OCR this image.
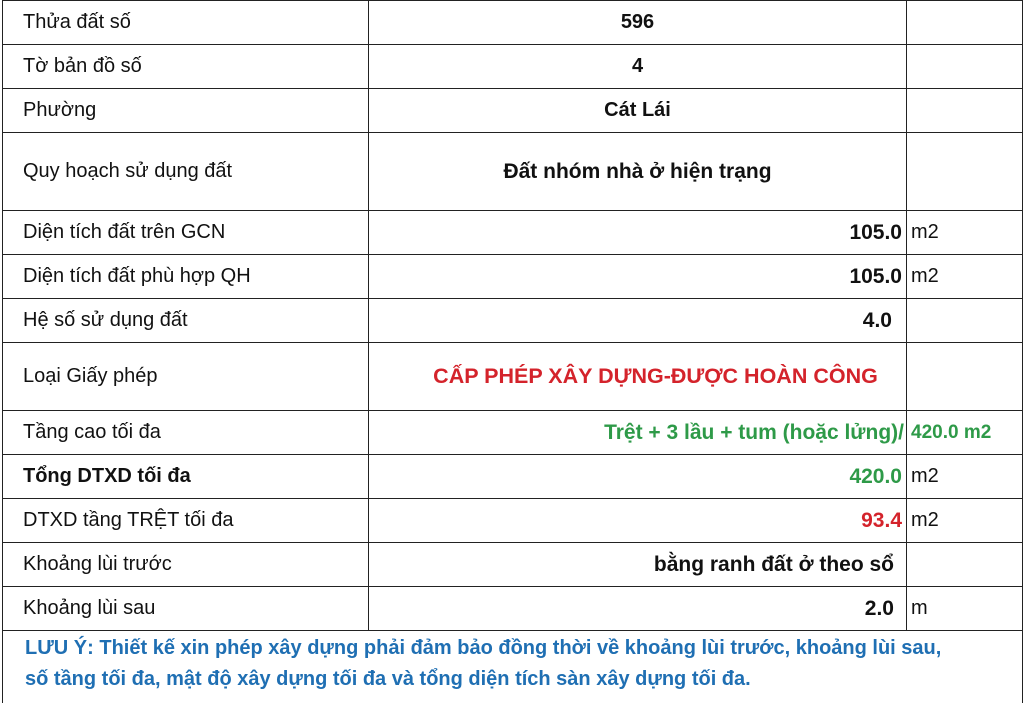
Thửa đất số	596	
Tờ bản đồ số	4	
Phường	Cát Lái	
Quy hoạch sử dụng đất	Đất nhóm nhà ở hiện trạng	
Diện tích đất trên GCN	105.0	m2
Diện tích đất phù hợp QH	105.0	m2
Hệ số sử dụng đất	4.0	
Loại Giấy phép	CẤP PHÉP XÂY DỰNG-ĐƯỢC HOÀN CÔNG	
Tầng cao tối đa	Trệt + 3 lầu + tum (hoặc lửng)/	420.0 m2
Tổng DTXD tối đa	420.0	m2
DTXD tầng TRỆT tối đa	93.4	m2
Khoảng lùi trước	bằng ranh đất ở theo sổ	
Khoảng lùi sau	2.0	m

LƯU Ý: Thiết kế xin phép xây dựng phải đảm bảo đồng thời về khoảng lùi trước, khoảng lùi sau,
số tầng tối đa, mật độ xây dựng tối đa và tổng diện tích sàn xây dựng tối đa.		
